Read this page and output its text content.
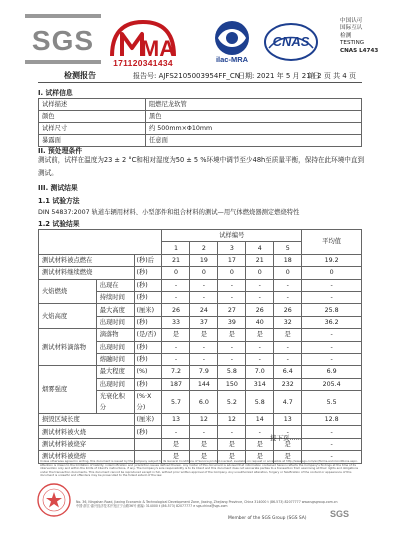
SGS MA
171120341434	ilac-MRA
CNAS
中国认可
国际互认
检测
TESTING
CNAS L4743
检测报告	报告号: AJFS2105003954FF_CN
日期: 2021 年 5 月 21 日
第 2 页 共 4 页
I. 试样信息
试样描述	阻燃尼龙软管
颜色	黑色
试样尺寸	约 500mm×Φ10mm
暴露面	任意面
II. 预处理条件
测试前，试样在温度为23 ± 2 °C和相对湿度为50 ± 5 %环境中调节至少48h至质量平衡，保持在此环境中直到测试。
III. 测试结果
1.1 试验方法
DIN 54837:2007 轨道车辆用材料、小型部件和组合材料的测试—用气体燃烧器测定燃烧特性
1.2 试验结果
			试样编号					平均值
			1	2	3	4	5	
测试材料被点燃在		(秒)后	21	19	17	21	18	19.2
测试材料继续燃烧		(秒)	0	0	0	0	0	0
火焰燃烧	出现在	(秒)	-	-	-	-	-	-
	持续时间	(秒)	-	-	-	-	-	-
火焰高度	最大高度	(厘米)	26	24	27	26	26	25.8
	出现时间	(秒)	33	37	39	40	32	36.2
测试材料滴落物	滴落物	(是/否)	是	是	是	是	是	-
	出现时间	(秒)	-	-	-	-	-	-
	熔融时间	(秒)	-	-	-	-	-	-
烟雾强度	最大程度	(%)	7.2	7.9	5.8	7.0	6.4	6.9
	出现时间	(秒)	187	144	150	314	232	205.4
	光衰化积分	(%·X分)	5.7	6.0	5.2	5.8	4.7	5.5
损毁区域长度		(厘米)	13	12	12	14	13	12.8
测试材料被火烧		(秒)	-	-	-	-	-	-
测试材料被烧穿			是	是	是	是	是	-
测试材料被烧熔			是	是	是	是	是	-
接下页......
Unless otherwise agreed in writing, this document is issued by the Company subject to its General Conditions of Service printed overleaf, available on request or accessible at http://www.sgs.com/en/Terms-and-Conditions.aspx. Attention is drawn to the limitation of liability, indemnification and jurisdiction issues defined therein. Any holder of this document is advised that information contained hereon reflects the Company's findings at the time of its intervention only and within the limits of Client's instructions, if any. The Company's sole responsibility is to its Client and this document does not exonerate parties to a transaction from exercising all their rights and obligations under the transaction documents. This document cannot be reproduced except in full, without prior written approval of the Company. Any unauthorized alteration, forgery or falsification of the content or appearance of this document is unlawful and offenders may be prosecuted to the fullest extent of the law.
No. 36, Ningshan Road, Jiaxing Economic & Technological Development Zone, Jiaxing, Zhejiang Province, China 314000 t (86-573) 82077777 www.sgsgroup.com.cn
中国·浙江·嘉兴经济技术开发区宁山路36号 邮编: 314000 t (86-573) 82077777 e sgs.china@sgs.com
Member of the SGS Group (SGS SA)	SGS
